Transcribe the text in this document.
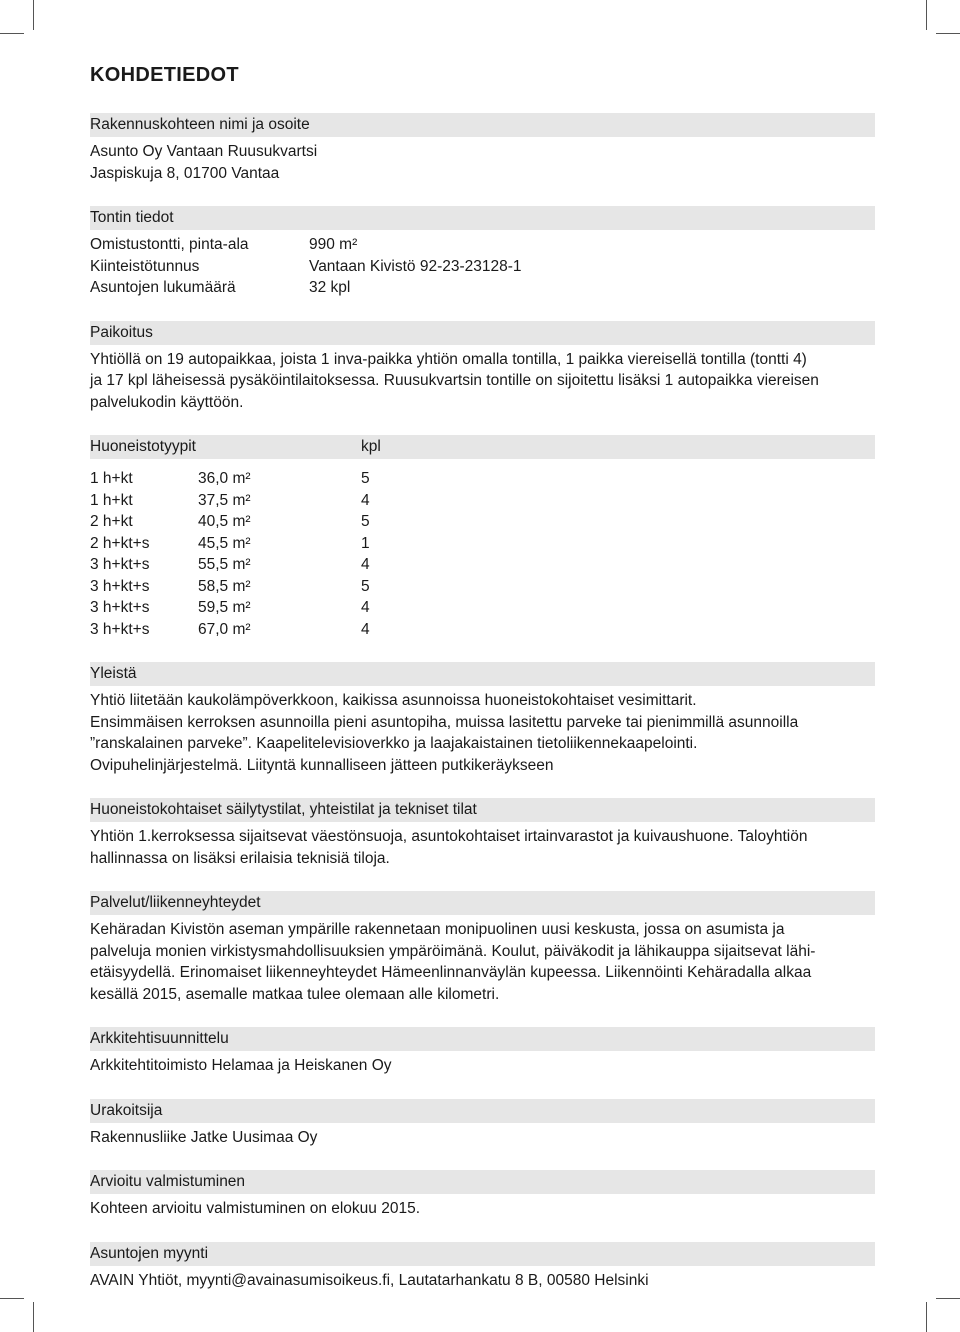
KOHDETIEDOT
Rakennuskohteen nimi ja osoite
Asunto Oy Vantaan Ruusukvartsi
Jaspiskuja 8, 01700 Vantaa
Tontin tiedot
Omistustontti, pinta-ala	990 m²
Kiinteistötunnus	Vantaan Kivistö 92-23-23128-1
Asuntojen lukumäärä	32 kpl
Paikoitus
Yhtiöllä on 19 autopaikkaa, joista 1 inva-paikka yhtiön omalla tontilla, 1 paikka viereisellä tontilla (tontti 4)
ja 17 kpl läheisessä pysäköintilaitoksessa. Ruusukvartsin tontille on sijoitettu lisäksi 1 autopaikka viereisen
palvelukodin käyttöön.
Huoneistotyypit	kpl
1 h+kt	36,0 m²	5
1 h+kt	37,5 m²	4
2 h+kt	40,5 m²	5
2 h+kt+s	45,5 m²	1
3 h+kt+s	55,5 m²	4
3 h+kt+s	58,5 m²	5
3 h+kt+s	59,5 m²	4
3 h+kt+s	67,0 m²	4
Yleistä
Yhtiö liitetään kaukolämpöverkkoon, kaikissa asunnoissa huoneistokohtaiset vesimittarit.
Ensimmäisen kerroksen asunnoilla pieni asuntopiha, muissa lasitettu parveke tai pienimmillä asunnoilla
”ranskalainen parveke”. Kaapelitelevisioverkko ja laajakaistainen tietoliikennekaapelointi.
Ovipuhelinjärjestelmä. Liityntä kunnalliseen jätteen putkikeräykseen
Huoneistokohtaiset säilytystilat, yhteistilat ja tekniset tilat
Yhtiön 1.kerroksessa sijaitsevat väestönsuoja, asuntokohtaiset irtainvarastot ja kuivaushuone. Taloyhtiön
hallinnassa on lisäksi erilaisia teknisiä tiloja.
Palvelut/liikenneyhteydet
Kehäradan Kivistön aseman ympärille rakennetaan monipuolinen uusi keskusta, jossa on asumista ja
palveluja monien virkistysmahdollisuuksien ympäröimänä. Koulut, päiväkodit ja lähikauppa sijaitsevat lähi-
etäisyydellä. Erinomaiset liikenneyhteydet Hämeenlinnanväylän kupeessa. Liikennöinti Kehäradalla alkaa
kesällä 2015, asemalle matkaa tulee olemaan alle kilometri.
Arkkitehtisuunnittelu
Arkkitehtitoimisto Helamaa ja Heiskanen Oy
Urakoitsija
Rakennusliike Jatke Uusimaa Oy
Arvioitu valmistuminen
Kohteen arvioitu valmistuminen on elokuu 2015.
Asuntojen myynti
AVAIN Yhtiöt, myynti@avainasumisoikeus.fi, Lautatarhankatu 8 B, 00580 Helsinki
